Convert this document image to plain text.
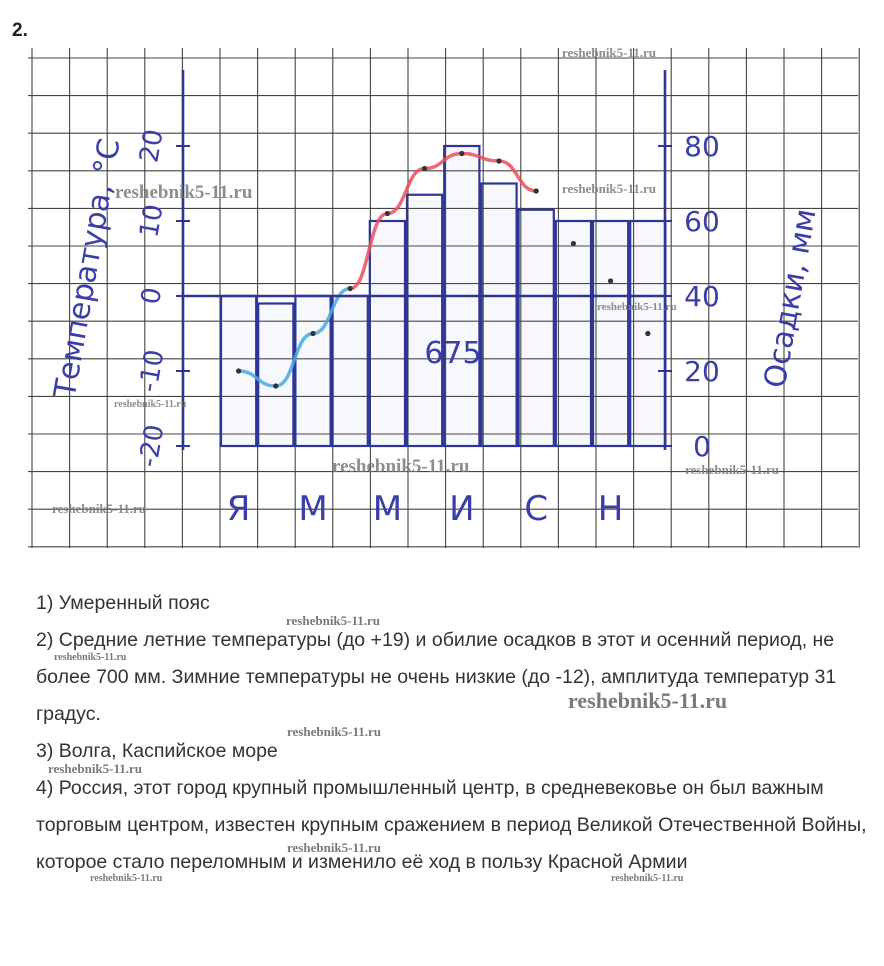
2.

20
10
0
-10
-20
80
60
40
20
0
Я М М И С Н
Температура, °С	Осадки, мм
675
reshebnik5-11.ru
reshebnik5-11.ru	reshebnik5-11.ru
reshebnik5-11.ru
reshebnik5-11.ru
reshebnik5-11.ru	reshebnik5-11.ru
reshebnik5-11.ru

1) Умеренный пояс

2) Средние летние температуры (до +19) и обилие осадков в этот и осенний период, не более 700 мм. Зимние температуры не очень низкие (до -12), амплитуда температур 31 градус.

3) Волга, Каспийское море

4) Россия, этот город крупный промышленный центр, в средневековье он был важным торговым центром, известен крупным сражением в период Великой Отечественной Войны, которое стало переломным и изменило её ход в пользу Красной Армии

reshebnik5-11.ru
reshebnik5-11.ru
reshebnik5-11.ru
reshebnik5-11.ru
reshebnik5-11.ru
reshebnik5-11.ru
reshebnik5-11.ru	reshebnik5-11.ru
